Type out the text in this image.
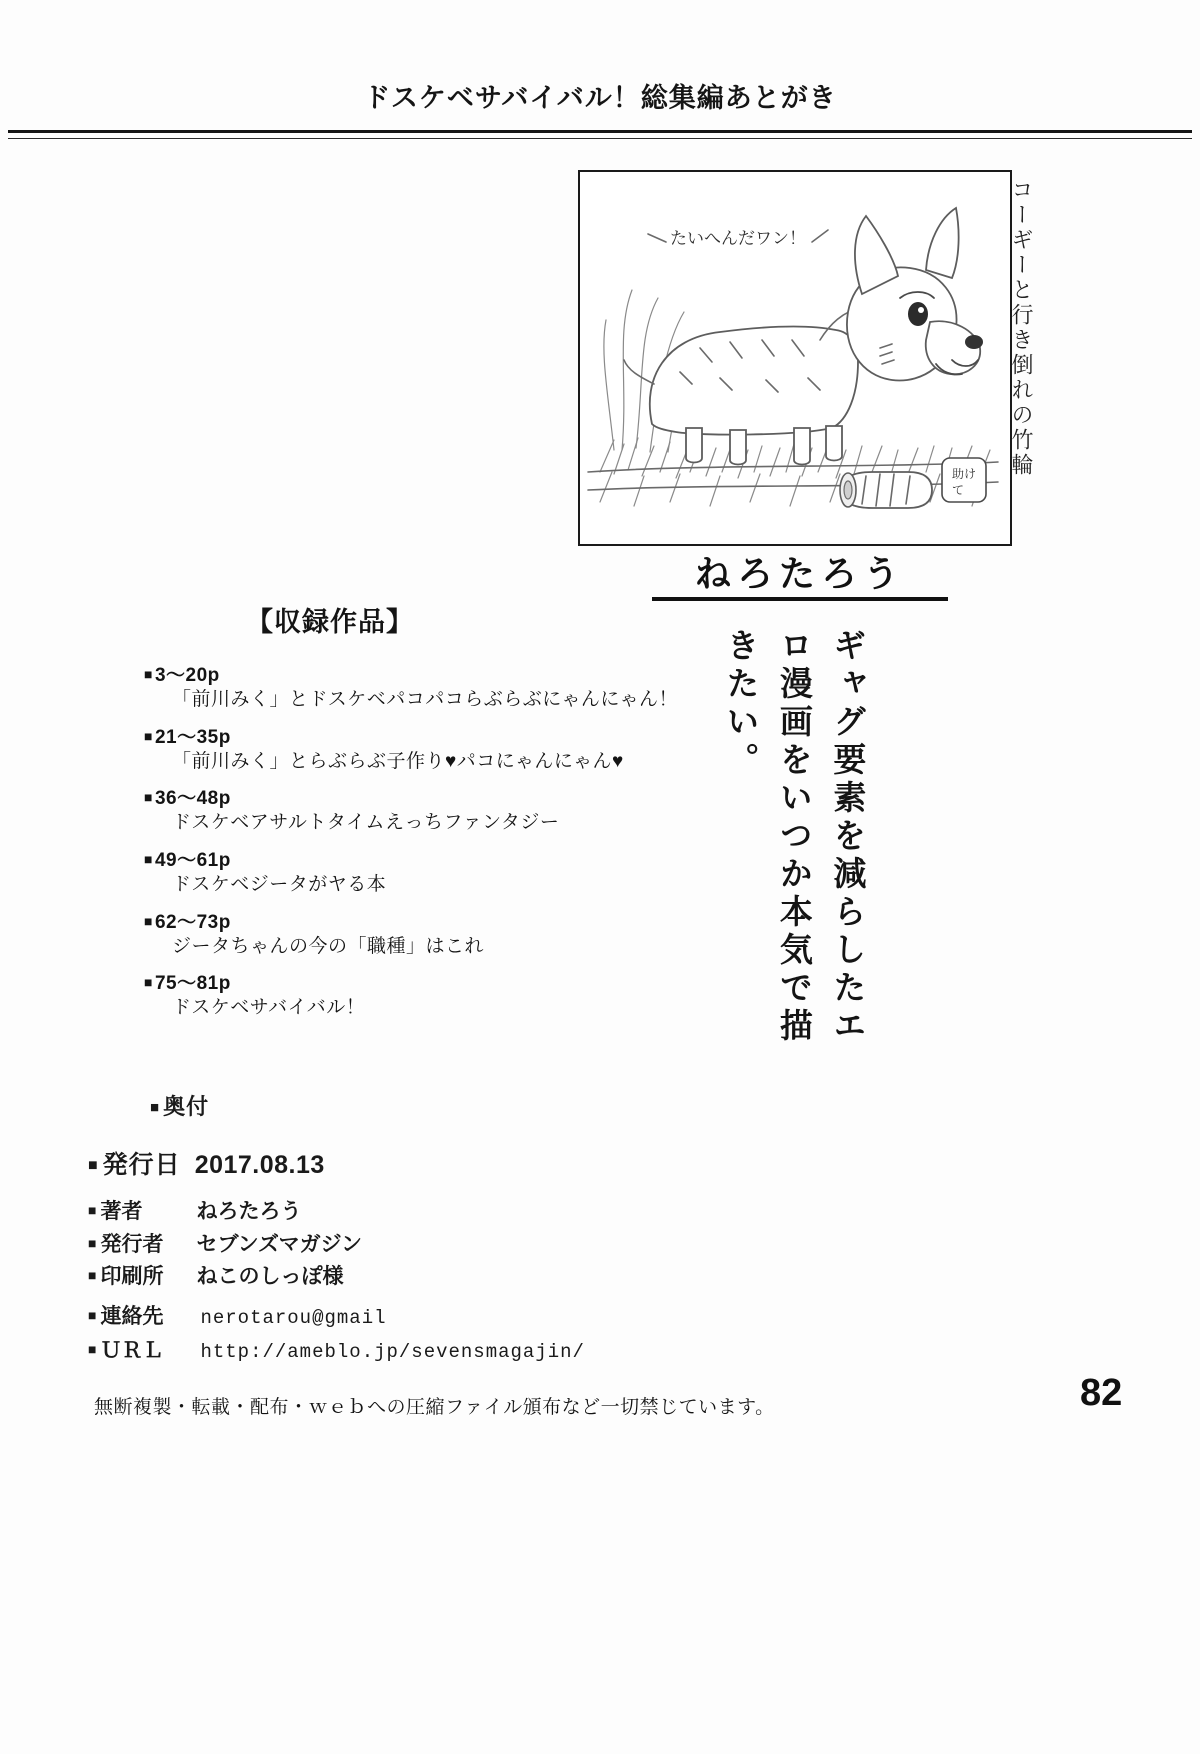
ドスケベサバイバル！総集編あとがき
たいへんだワン！
助け
て
コーギーと行き倒れの竹輪
ねろたろう
ギャグ要素を減らしたエロ漫画をいつか本気で描きたい。
【収録作品】
■ 3〜20p
「前川みく」とドスケベパコパコらぶらぶにゃんにゃん！
■ 21〜35p
「前川みく」とらぶらぶ子作り♥パコにゃんにゃん♥
■ 36〜48p
ドスケベアサルトタイムえっちファンタジー
■ 49〜61p
ドスケベジータがヤる本
■ 62〜73p
ジータちゃんの今の「職種」はこれ
■ 75〜81p
ドスケベサバイバル！
■ 奥付
■ 発行日 2017.08.13
■ 著者	ねろたろう
■ 発行者 セブンズマガジン
■ 印刷所 ねこのしっぽ様
■ 連絡先 nerotarou@gmail
■ ＵＲＬ http://ameblo.jp/sevensmagajin/
無断複製・転載・配布・ｗｅｂへの圧縮ファイル頒布など一切禁じています。	82
